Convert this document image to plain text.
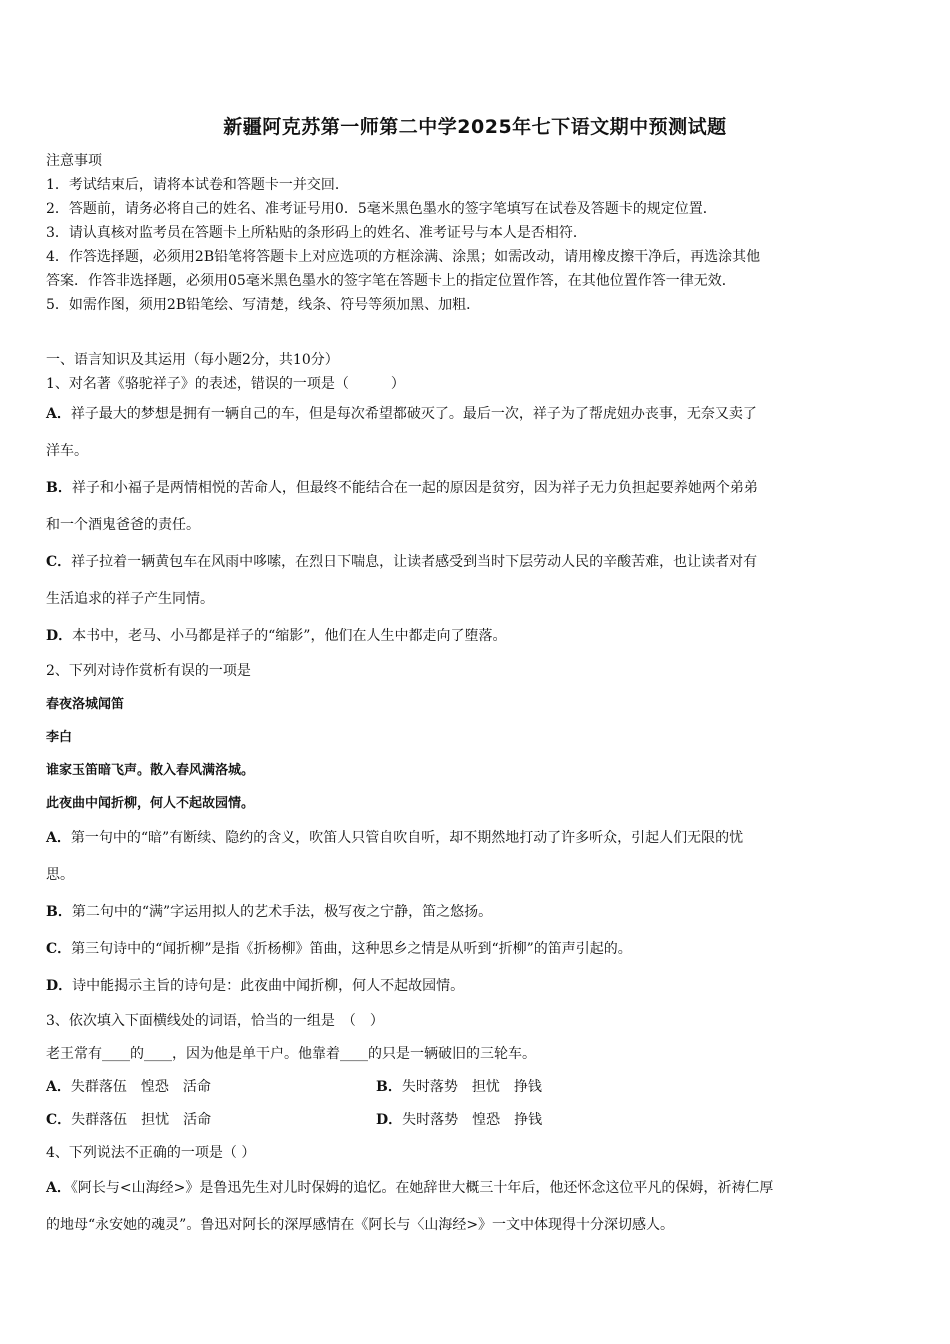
新疆阿克苏第一师第二中学2025年七下语文期中预测试题
注意事项
1．考试结束后，请将本试卷和答题卡一并交回．
2．答题前，请务必将自己的姓名、准考证号用0．5毫米黑色墨水的签字笔填写在试卷及答题卡的规定位置．
3．请认真核对监考员在答题卡上所粘贴的条形码上的姓名、准考证号与本人是否相符．
4．作答选择题，必须用2B铅笔将答题卡上对应选项的方框涂满、涂黑；如需改动，请用橡皮擦干净后，再选涂其他
答案．作答非选择题，必须用05毫米黑色墨水的签字笔在答题卡上的指定位置作答，在其他位置作答一律无效．
5．如需作图，须用2B铅笔绘、写清楚，线条、符号等须加黑、加粗．
一、语言知识及其运用（每小题2分，共10分）
1、对名著《骆驼祥子》的表述，错误的一项是（　　　）
A．祥子最大的梦想是拥有一辆自己的车，但是每次希望都破灭了。最后一次，祥子为了帮虎妞办丧事，无奈又卖了
洋车。
B．祥子和小福子是两情相悦的苦命人，但最终不能结合在一起的原因是贫穷，因为祥子无力负担起要养她两个弟弟
和一个酒鬼爸爸的责任。
C．祥子拉着一辆黄包车在风雨中哆嗦，在烈日下喘息，让读者感受到当时下层劳动人民的辛酸苦难，也让读者对有
生活追求的祥子产生同情。
D．本书中，老马、小马都是祥子的“缩影”，他们在人生中都走向了堕落。
2、下列对诗作赏析有误的一项是
春夜洛城闻笛
李白
谁家玉笛暗飞声。散入春风满洛城。
此夜曲中闻折柳，何人不起故园情。
A．第一句中的“暗”有断续、隐约的含义，吹笛人只管自吹自听，却不期然地打动了许多听众，引起人们无限的忧
思。
B．第二句中的“满”字运用拟人的艺术手法，极写夜之宁静，笛之悠扬。
C．第三句诗中的“闻折柳”是指《折杨柳》笛曲，这种思乡之情是从听到“折柳”的笛声引起的。
D．诗中能揭示主旨的诗句是：此夜曲中闻折柳，何人不起故园情。
3、依次填入下面横线处的词语，恰当的一组是　（　）
老王常有____的____，因为他是单干户。他靠着____的只是一辆破旧的三轮车。
A．失群落伍　惶恐　活命	B．失时落势　担忧　挣钱
C．失群落伍　担忧　活命	D．失时落势　惶恐　挣钱
4、下列说法不正确的一项是（ ）
A．《阿长与<山海经>》是鲁迅先生对儿时保姆的追忆。在她辞世大概三十年后，他还怀念这位平凡的保姆，祈祷仁厚
的地母“永安她的魂灵”。鲁迅对阿长的深厚感情在《阿长与〈山海经>》一文中体现得十分深切感人。
